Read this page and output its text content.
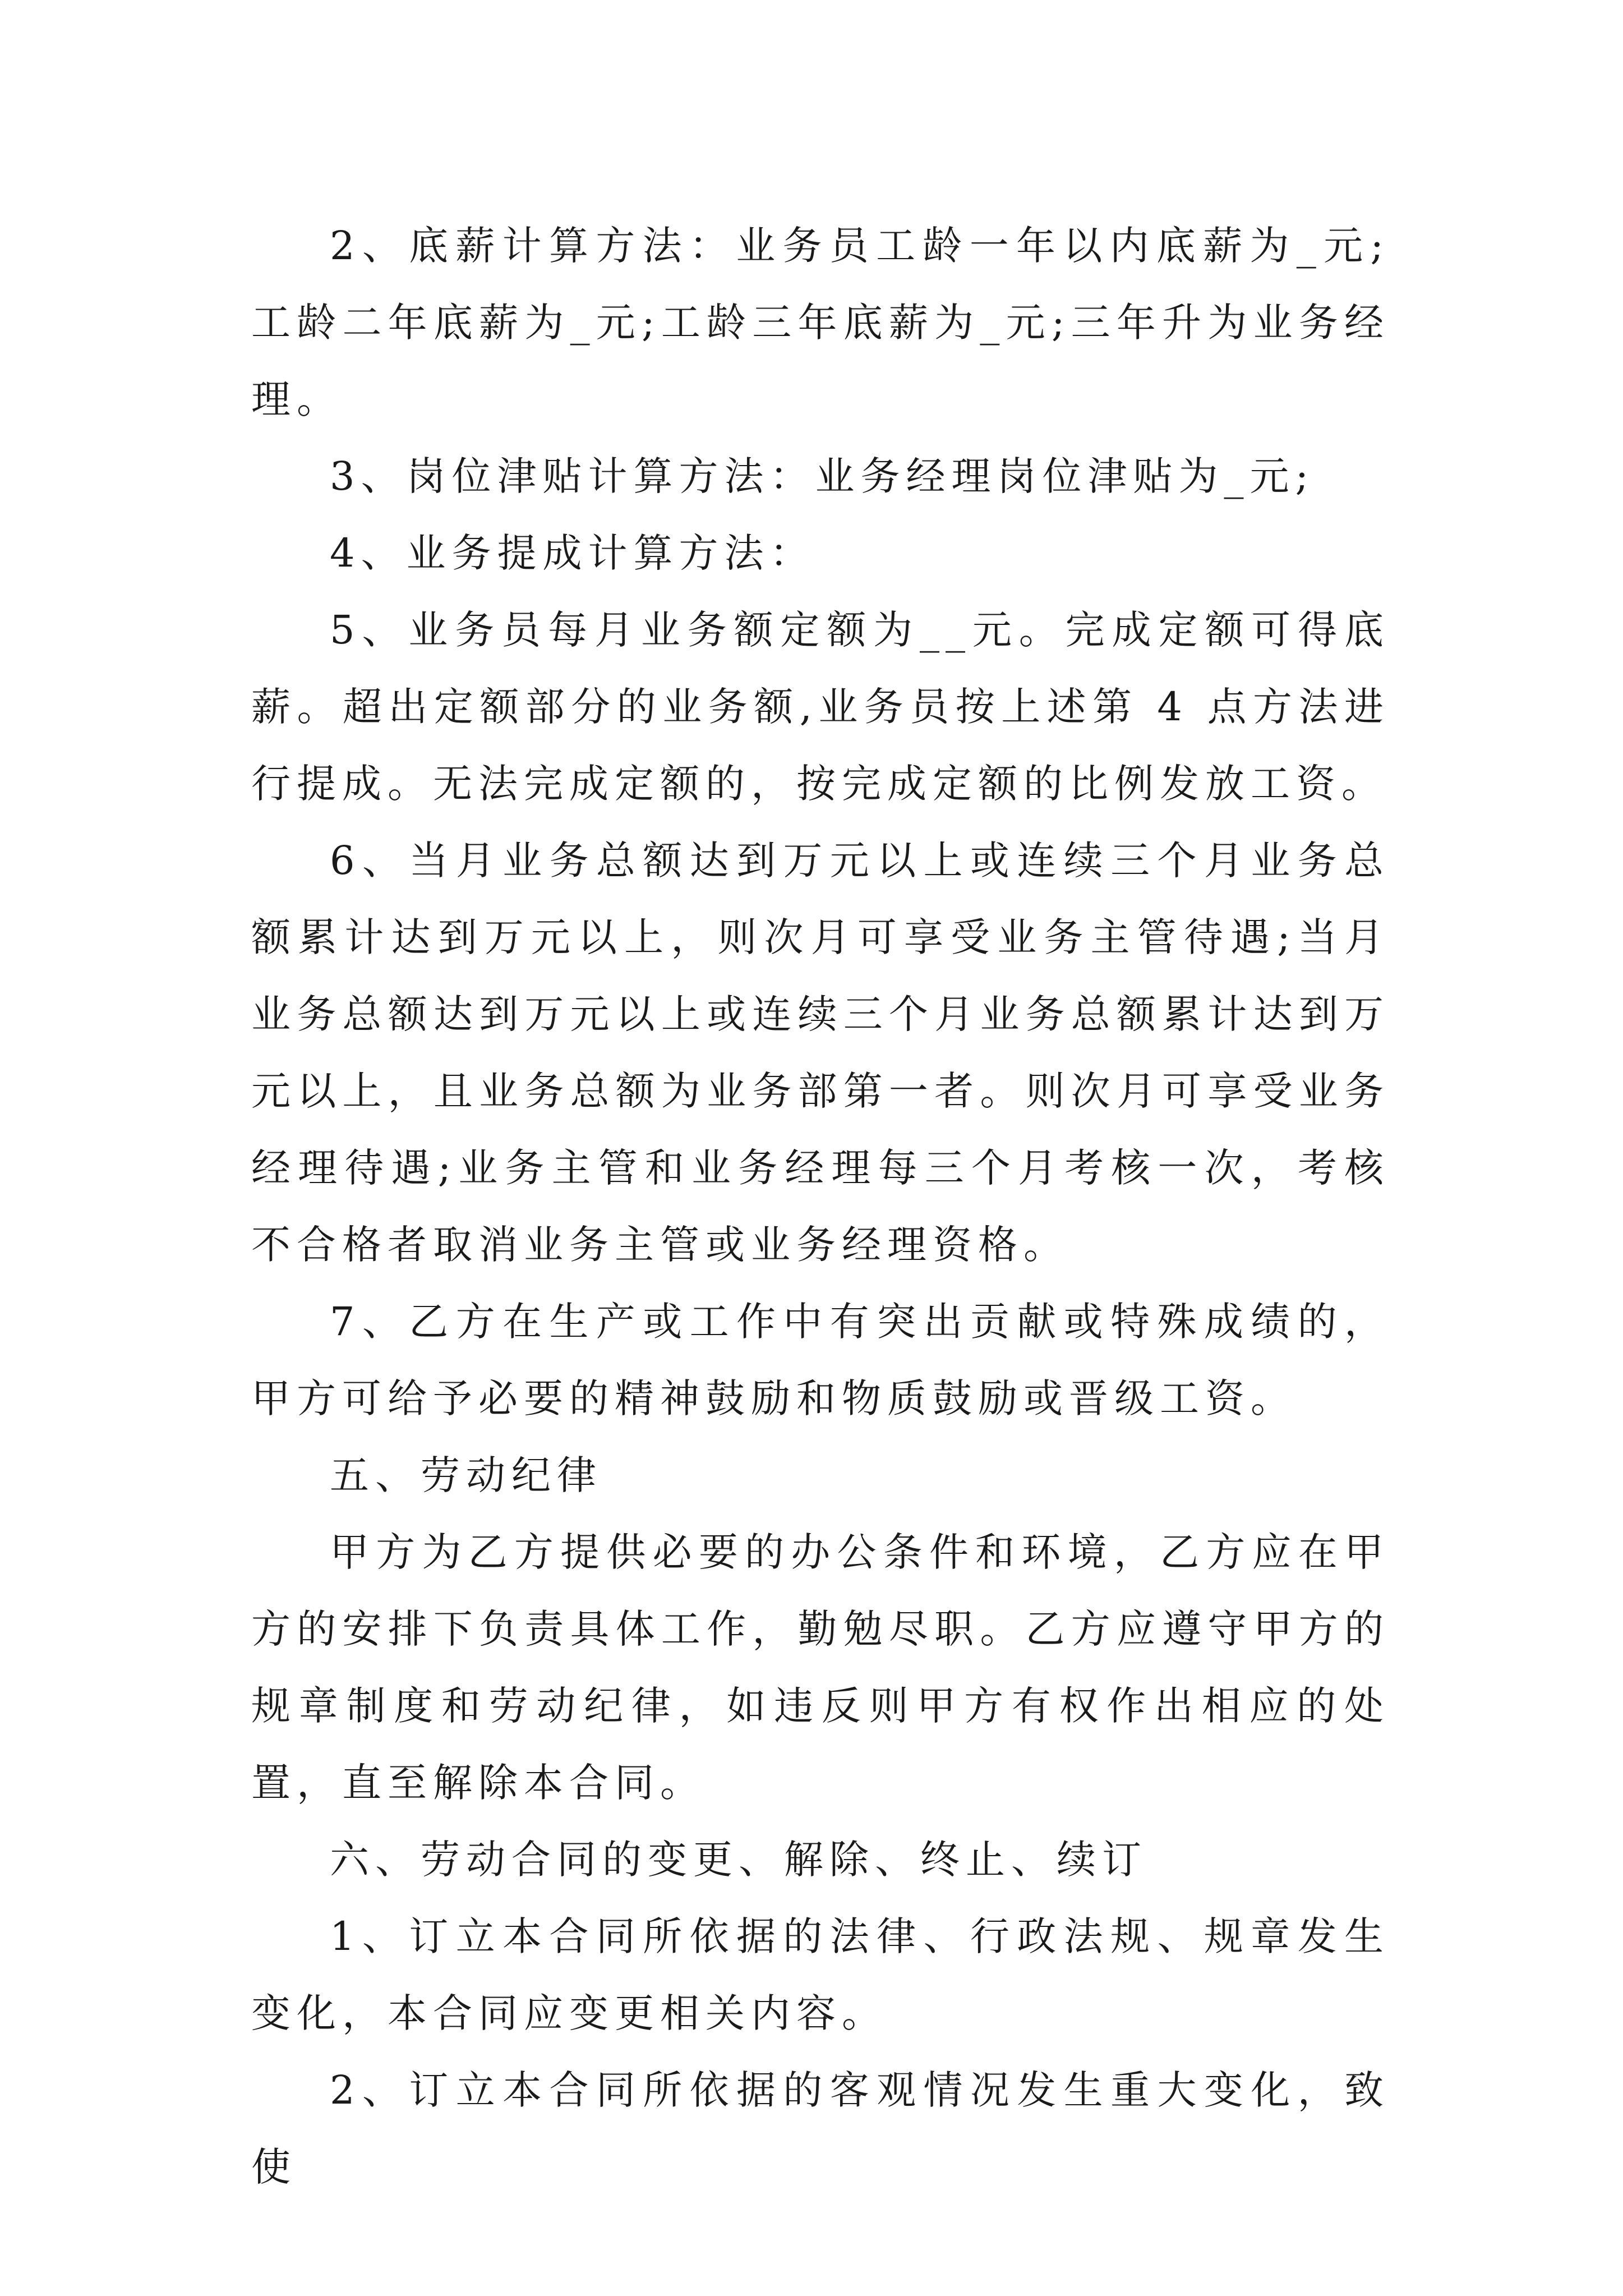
2、底薪计算方法：业务员工龄一年以内底薪为_元;工龄二年底薪为_元;工龄三年底薪为_元;三年升为业务经理。

3、岗位津贴计算方法：业务经理岗位津贴为_元;

4、业务提成计算方法：

5、业务员每月业务额定额为__元。完成定额可得底薪。超出定额部分的业务额,业务员按上述第 4 点方法进行提成。无法完成定额的，按完成定额的比例发放工资。

6、当月业务总额达到万元以上或连续三个月业务总额累计达到万元以上，则次月可享受业务主管待遇;当月业务总额达到万元以上或连续三个月业务总额累计达到万元以上，且业务总额为业务部第一者。则次月可享受业务经理待遇;业务主管和业务经理每三个月考核一次，考核不合格者取消业务主管或业务经理资格。

7、乙方在生产或工作中有突出贡献或特殊成绩的，甲方可给予必要的精神鼓励和物质鼓励或晋级工资。

五、劳动纪律

甲方为乙方提供必要的办公条件和环境，乙方应在甲方的安排下负责具体工作，勤勉尽职。乙方应遵守甲方的规章制度和劳动纪律，如违反则甲方有权作出相应的处置，直至解除本合同。

六、劳动合同的变更、解除、终止、续订

1、订立本合同所依据的法律、行政法规、规章发生变化，本合同应变更相关内容。

2、订立本合同所依据的客观情况发生重大变化，致使
